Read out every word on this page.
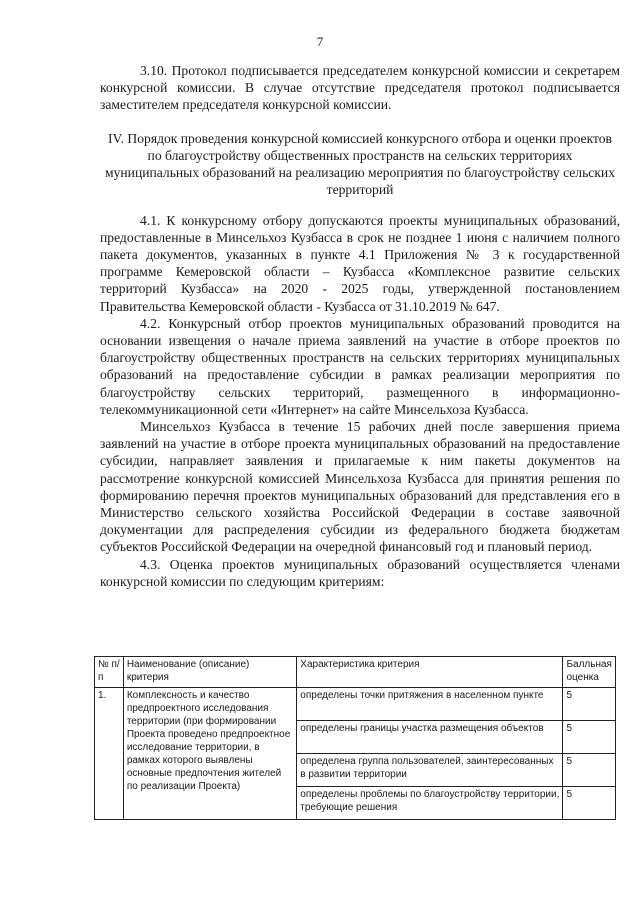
7

3.10. Протокол подписывается председателем конкурсной комиссии и секретарем конкурсной комиссии. В случае отсутствие председателя протокол подписывается заместителем председателя конкурсной комиссии.

IV. Порядок проведения конкурсной комиссией конкурсного отбора и оценки проектов по благоустройству общественных пространств на сельских территориях муниципальных образований на реализацию мероприятия по благоустройству сельских территорий

4.1. К конкурсному отбору допускаются проекты муниципальных образований, предоставленные в Минсельхоз Кузбасса в срок не позднее 1 июня с наличием полного пакета документов, указанных в пункте 4.1 Приложения № 3 к государственной программе Кемеровской области – Кузбасса «Комплексное развитие сельских территорий Кузбасса» на 2020 - 2025 годы, утвержденной постановлением Правительства Кемеровской области - Кузбасса от 31.10.2019 № 647.

4.2. Конкурсный отбор проектов муниципальных образований проводится на основании извещения о начале приема заявлений на участие в отборе проектов по благоустройству общественных пространств на сельских территориях муниципальных образований на предоставление субсидии в рамках реализации мероприятия по благоустройству сельских территорий, размещенного в информационно-телекоммуникационной сети «Интернет» на сайте Минсельхоза Кузбасса.

Минсельхоз Кузбасса в течение 15 рабочих дней после завершения приема заявлений на участие в отборе проекта муниципальных образований на предоставление субсидии, направляет заявления и прилагаемые к ним пакеты документов на рассмотрение конкурсной комиссией Минсельхоза Кузбасса для принятия решения по формированию перечня проектов муниципальных образований для представления его в Министерство сельского хозяйства Российской Федерации в составе заявочной документации для распределения субсидии из федерального бюджета бюджетам субъектов Российской Федерации на очередной финансовый год и плановый период.

4.3. Оценка проектов муниципальных образований осуществляется членами конкурсной комиссии по следующим критериям:

№ п/п	Наименование (описание) критерия	Характеристика критерия	Балльная оценка
1.	Комплексность и качество предпроектного исследования территории (при формировании Проекта проведено предпроектное исследование территории, в рамках которого выявлены основные предпочтения жителей по реализации Проекта)	определены точки притяжения в населенном пункте	5
		определены границы участка размещения объектов	5
		определена группа пользователей, заинтересованных в развитии территории	5
		определены проблемы по благоустройству территории, требующие решения	5
